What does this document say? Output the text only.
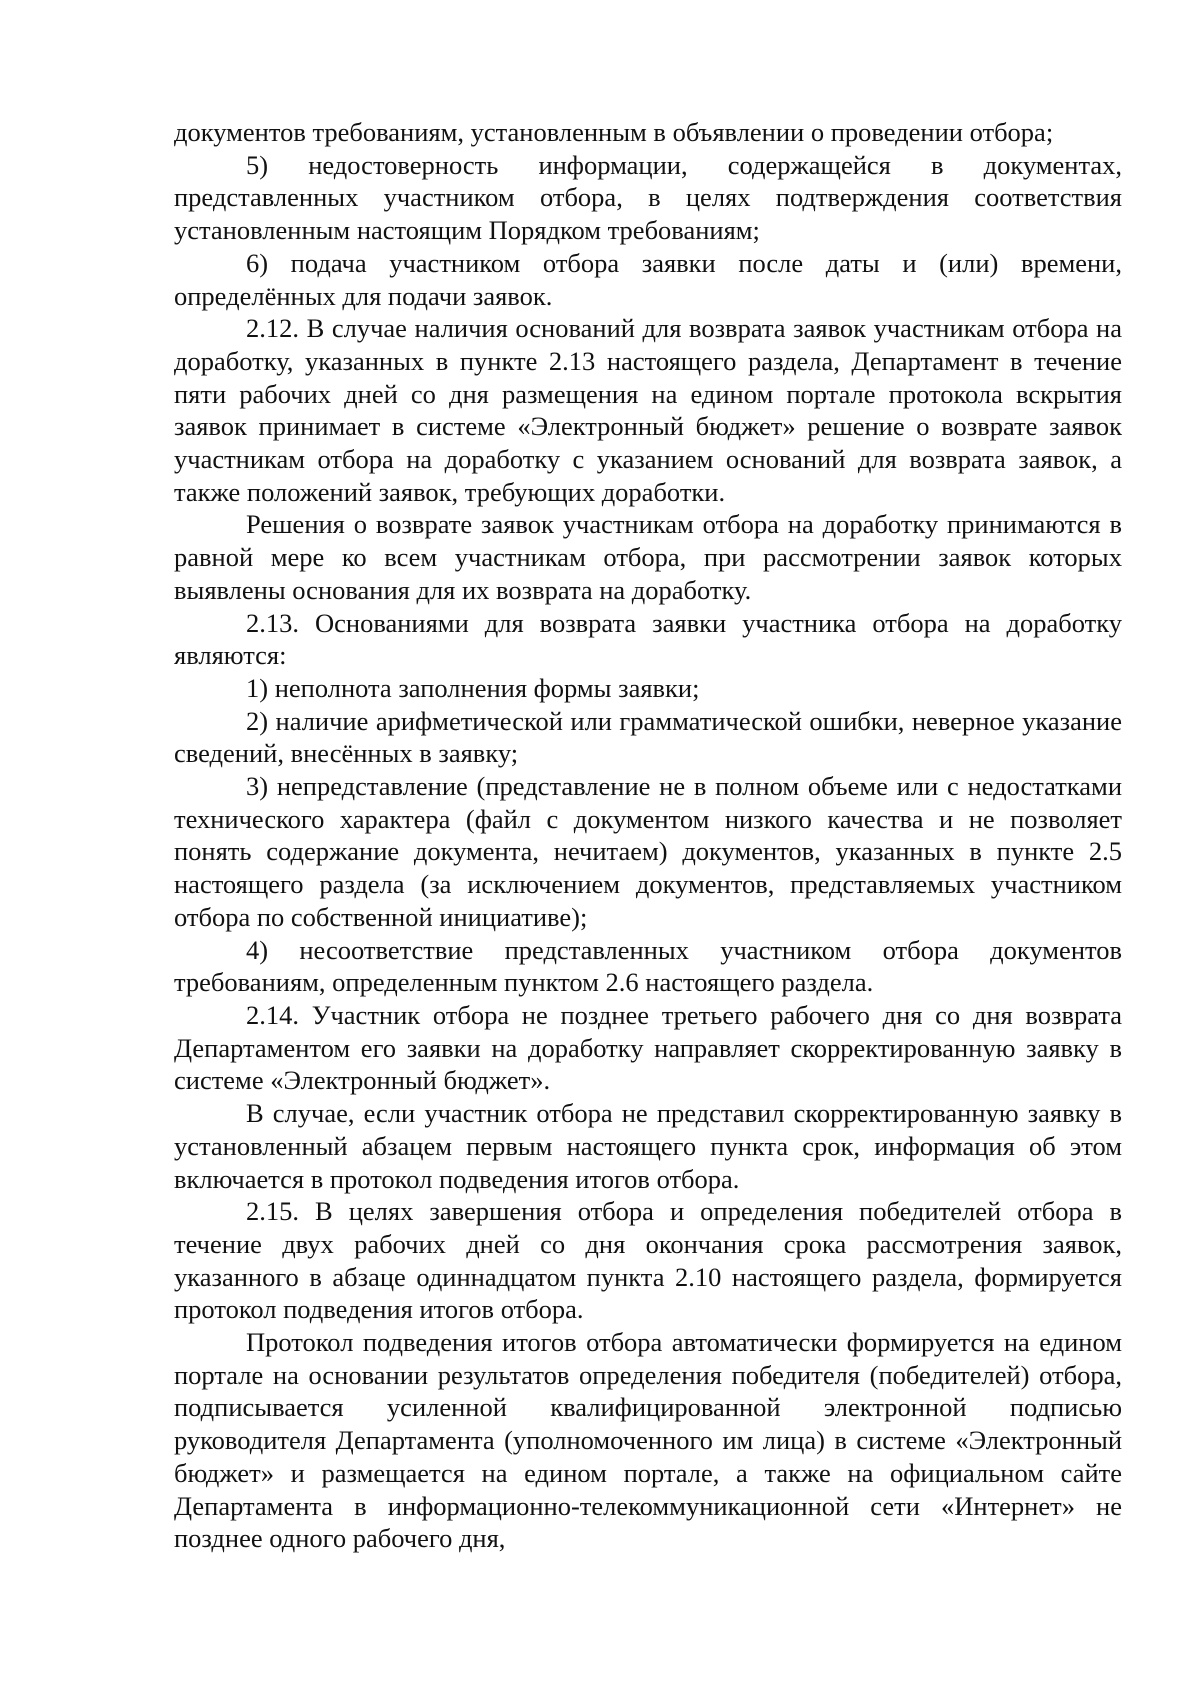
документов требованиям, установленным в объявлении о проведении отбора;

5) недостоверность информации, содержащейся в документах, представленных участником отбора, в целях подтверждения соответствия установленным настоящим Порядком требованиям;

6) подача участником отбора заявки после даты и (или) времени, определённых для подачи заявок.

2.12. В случае наличия оснований для возврата заявок участникам отбора на доработку, указанных в пункте 2.13 настоящего раздела, Департамент в течение пяти рабочих дней со дня размещения на едином портале протокола вскрытия заявок принимает в системе «Электронный бюджет» решение о возврате заявок участникам отбора на доработку с указанием оснований для возврата заявок, а также положений заявок, требующих доработки.

Решения о возврате заявок участникам отбора на доработку принимаются в равной мере ко всем участникам отбора, при рассмотрении заявок которых выявлены основания для их возврата на доработку.

2.13. Основаниями для возврата заявки участника отбора на доработку являются:

1) неполнота заполнения формы заявки;

2) наличие арифметической или грамматической ошибки, неверное указание сведений, внесённых в заявку;

3) непредставление (представление не в полном объеме или с недостатками технического характера (файл с документом низкого качества и не позволяет понять содержание документа, нечитаем) документов, указанных в пункте 2.5 настоящего раздела (за исключением документов, представляемых участником отбора по собственной инициативе);

4) несоответствие представленных участником отбора документов требованиям, определенным пунктом 2.6 настоящего раздела.

2.14. Участник отбора не позднее третьего рабочего дня со дня возврата Департаментом его заявки на доработку направляет скорректированную заявку в системе «Электронный бюджет».

В случае, если участник отбора не представил скорректированную заявку в установленный абзацем первым настоящего пункта срок, информация об этом включается в протокол подведения итогов отбора.

2.15. В целях завершения отбора и определения победителей отбора в течение двух рабочих дней со дня окончания срока рассмотрения заявок, указанного в абзаце одиннадцатом пункта 2.10 настоящего раздела, формируется протокол подведения итогов отбора.

Протокол подведения итогов отбора автоматически формируется на едином портале на основании результатов определения победителя (победителей) отбора, подписывается усиленной квалифицированной электронной подписью руководителя Департамента (уполномоченного им лица) в системе «Электронный бюджет» и размещается на едином портале, а также на официальном сайте Департамента в информационно-телекоммуникационной сети «Интернет» не позднее одного рабочего дня,
